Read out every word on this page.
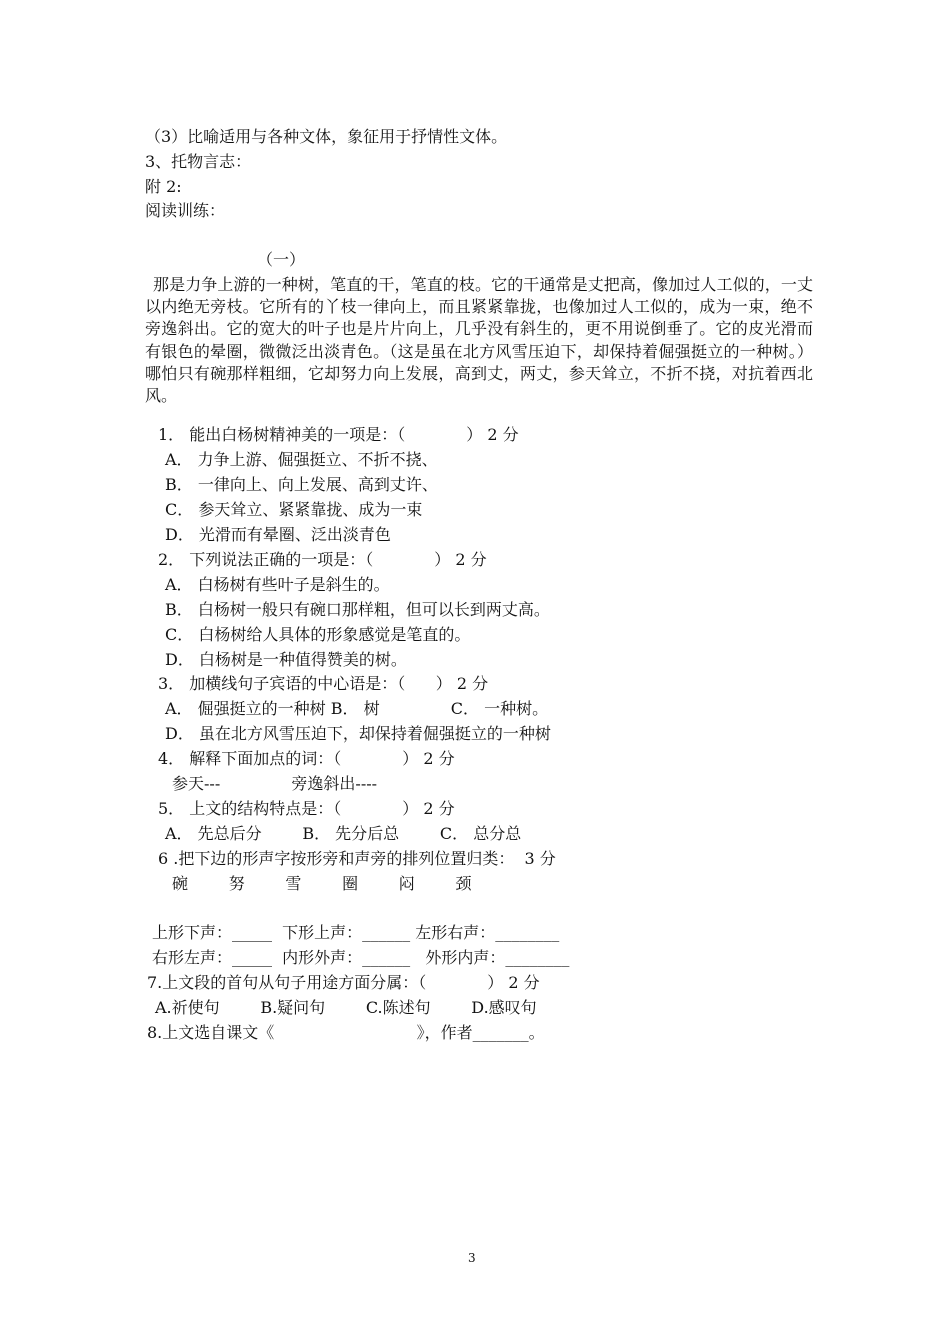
（3）比喻适用与各种文体，象征用于抒情性文体。
3、托物言志：
附 2:
阅读训练：
（一）
那是力争上游的一种树，笔直的干，笔直的枝。它的干通常是丈把高，像加过人工似的，一丈以内绝无旁枝。它所有的丫枝一律向上，而且紧紧靠拢，也像加过人工似的，成为一束，绝不旁逸斜出。它的宽大的叶子也是片片向上，几乎没有斜生的，更不用说倒垂了。它的皮光滑而有银色的晕圈，微微泛出淡青色。（这是虽在北方风雪压迫下，却保持着倔强挺立的一种树。）哪怕只有碗那样粗细，它却努力向上发展，高到丈，两丈，参天耸立，不折不挠，对抗着西北风。
1． 能出白杨树精神美的一项是：（            ） 2 分
A． 力争上游、倔强挺立、不折不挠、
B． 一律向上、向上发展、高到丈许、
C． 参天耸立、紧紧靠拢、成为一束
D． 光滑而有晕圈、泛出淡青色
2． 下列说法正确的一项是：（            ） 2 分
A． 白杨树有些叶子是斜生的。
B． 白杨树一般只有碗口那样粗，但可以长到两丈高。
C． 白杨树给人具体的形象感觉是笔直的。
D． 白杨树是一种值得赞美的树。
3． 加横线句子宾语的中心语是：（      ） 2 分
A． 倔强挺立的一种树 B． 树              C． 一种树。
D． 虽在北方风雪压迫下，却保持着倔强挺立的一种树
4． 解释下面加点的词：（            ） 2 分
参天---              旁逸斜出----
5． 上文的结构特点是：（            ） 2 分
A． 先总后分        B． 先分后总        C． 总分总
6 .把下边的形声字按形旁和声旁的排列位置归类：  3 分
碗        努        雪        圈        闷        颈
上形下声：_____  下形上声：______ 左形右声：________
右形左声：_____  内形外声：______   外形内声：________
7.上文段的首句从句子用途方面分属：（            ） 2 分
A.祈使句        B.疑问句        C.陈述句        D.感叹句
8.上文选自课文《                            》，作者_______。
3
